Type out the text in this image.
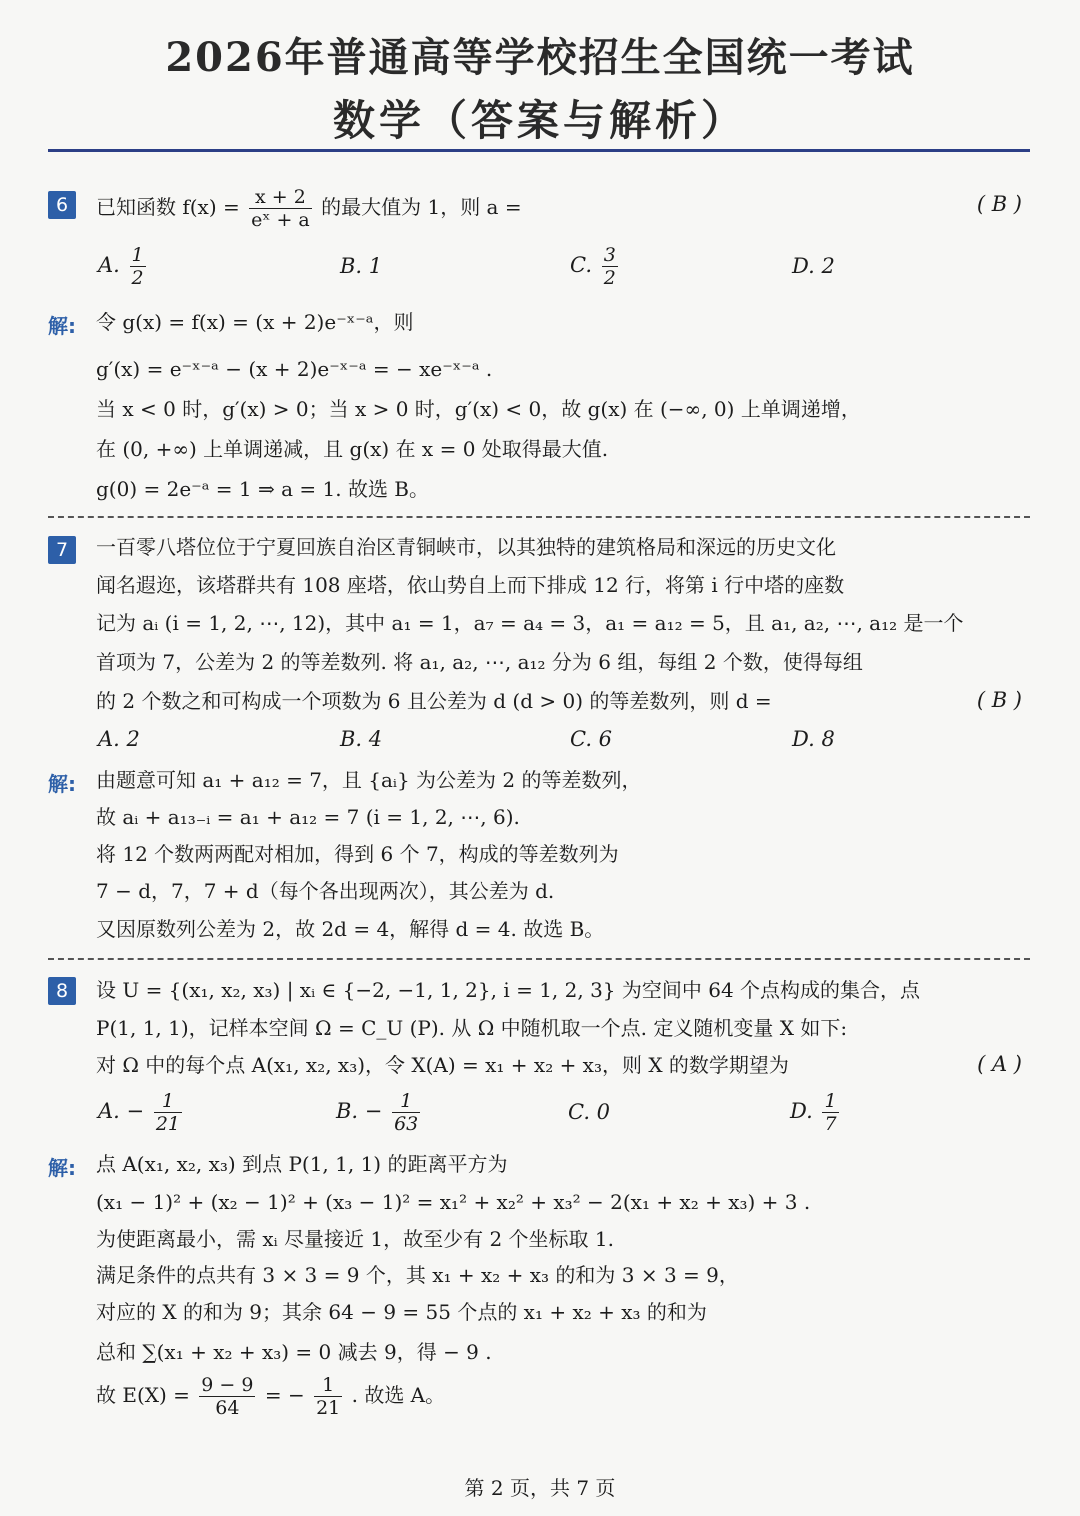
2026年普通高等学校招生全国统一考试
数学（答案与解析）
6	已知函数 $f(x) = \frac{x + 2}{\text{eˣ + a}}$ 的最大值为 1，则 a =	( B )
A. $\frac{1}{2}$	B. 1	C. $\frac{3}{2}$	D. 2
解: 令 g(x) = f(x) = (x + 2)e⁻ˣ⁻ᵃ，则
g′(x) = e⁻ˣ⁻ᵃ − (x + 2)e⁻ˣ⁻ᵃ = − xe⁻ˣ⁻ᵃ .
当 x < 0 时，g′(x) > 0；当 x > 0 时，g′(x) < 0，故 g(x) 在 (−∞, 0) 上单调递增，
在 (0, +∞) 上单调递减，且 g(x) 在 x = 0 处取得最大值.
g(0) = 2e⁻ᵃ = 1 ⇒ a = 1. 故选 B。
7	一百零八塔位位于宁夏回族自治区青铜峡市，以其独特的建筑格局和深远的历史文化
闻名遐迩，该塔群共有 108 座塔，依山势自上而下排成 12 行，将第 i 行中塔的座数
记为 aᵢ (i = 1, 2, ⋯, 12)，其中 a₁ = 1，a₇ = a₄ = 3，a₁ = a₁₂ = 5，且 a₁, a₂, ⋯, a₁₂ 是一个
首项为 7，公差为 2 的等差数列. 将 a₁, a₂, ⋯, a₁₂ 分为 6 组，每组 2 个数，使得每组
的 2 个数之和可构成一个项数为 6 且公差为 d (d > 0) 的等差数列，则 d =	( B )
A. 2	B. 4	C. 6	D. 8
解: 由题意可知 a₁ + a₁₂ = 7，且 {aᵢ} 为公差为 2 的等差数列，
故 aᵢ + a₁₃₋ᵢ = a₁ + a₁₂ = 7 (i = 1, 2, ⋯, 6).
将 12 个数两两配对相加，得到 6 个 7，构成的等差数列为
7 − d，7，7 + d（每个各出现两次），其公差为 d.
又因原数列公差为 2，故 2d = 4，解得 d = 4. 故选 B。
8	设 U = {(x₁, x₂, x₃) | xᵢ ∈ {−2, −1, 1, 2}, i = 1, 2, 3} 为空间中 64 个点构成的集合，点
P(1, 1, 1)，记样本空间 Ω = C_U (P). 从 Ω 中随机取一个点. 定义随机变量 X 如下:
对 Ω 中的每个点 A(x₁, x₂, x₃)，令 X(A) = x₁ + x₂ + x₃，则 X 的数学期望为	( A )
A. − $\frac{1}{21}$	B. − $\frac{1}{63}$	C. 0	D. $\frac{1}{7}$
解: 点 A(x₁, x₂, x₃) 到点 P(1, 1, 1) 的距离平方为
(x₁ − 1)² + (x₂ − 1)² + (x₃ − 1)² = x₁² + x₂² + x₃² − 2(x₁ + x₂ + x₃) + 3 .
为使距离最小，需 xᵢ 尽量接近 1，故至少有 2 个坐标取 1.
满足条件的点共有 3 × 3 = 9 个，其 x₁ + x₂ + x₃ 的和为 3 × 3 = 9，
对应的 X 的和为 9；其余 64 − 9 = 55 个点的 x₁ + x₂ + x₃ 的和为
总和 ∑(x₁ + x₂ + x₃) = 0 减去 9，得 − 9 .
故 $E(X) = \frac{9 - 9}{64}$ = − $\frac{1}{21}$ . 故选 A。
第 2 页，共 7 页
